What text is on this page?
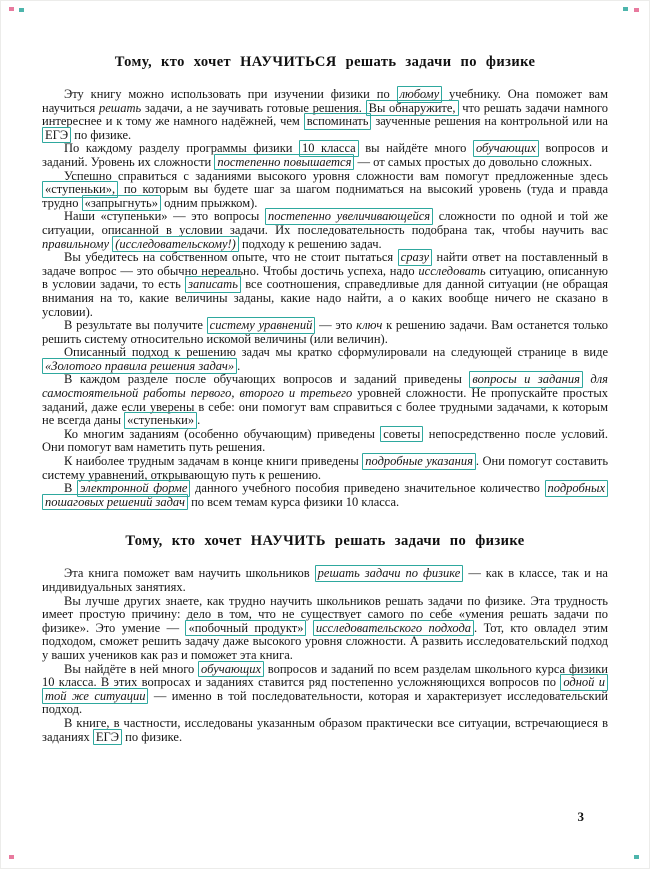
Тому, кто хочет НАУЧИТЬСЯ решать задачи по физике

Эту книгу можно использовать при изучении физики по любому учебнику. Она поможет вам научиться решать задачи, а не заучивать готовые решения. Вы обнаружите, что решать задачи намного интереснее и к тому же намного надёжней, чем вспоминать заученные решения на контрольной или на ЕГЭ по физике.

По каждому разделу программы физики 10 класса вы найдёте много обучающих вопросов и заданий. Уровень их сложности постепенно повышается — от самых простых до довольно сложных.

Успешно справиться с заданиями высокого уровня сложности вам помогут предложенные здесь «ступеньки», по которым вы будете шаг за шагом подниматься на высокий уровень (туда и правда трудно «запрыгнуть» одним прыжком).

Наши «ступеньки» — это вопросы постепенно увеличивающейся сложности по одной и той же ситуации, описанной в условии задачи. Их последовательность подобрана так, чтобы научить вас правильному (исследовательскому!) подходу к решению задач.

Вы убедитесь на собственном опыте, что не стоит пытаться сразу найти ответ на поставленный в задаче вопрос — это обычно нереально. Чтобы достичь успеха, надо исследовать ситуацию, описанную в условии задачи, то есть записать все соотношения, справедливые для данной ситуации (не обращая внимания на то, какие величины заданы, какие надо найти, а о каких вообще ничего не сказано в условии).

В результате вы получите систему уравнений — это ключ к решению задачи. Вам останется только решить систему относительно искомой величины (или величин).

Описанный подход к решению задач мы кратко сформулировали на следующей странице в виде «Золотого правила решения задач» .

В каждом разделе после обучающих вопросов и заданий приведены вопросы и задания для самостоятельной работы первого, второго и третьего уровней сложности. Не пропускайте простых заданий, даже если уверены в себе: они помогут вам справиться с более трудными задачами, к которым не всегда даны «ступеньки» .

Ко многим заданиям (особенно обучающим) приведены советы непосредственно после условий. Они помогут вам наметить путь решения.

К наиболее трудным задачам в конце книги приведены подробные указания . Они помогут составить систему уравнений, открывающую путь к решению.

В электронной форме данного учебного пособия приведено значительное количество подробных пошаговых решений задач по всем темам курса физики 10 класса.

Тому, кто хочет НАУЧИТЬ решать задачи по физике

Эта книга поможет вам научить школьников решать задачи по физике — как в классе, так и на индивидуальных занятиях.

Вы лучше других знаете, как трудно научить школьников решать задачи по физике. Эта трудность имеет простую причину: дело в том, что не существует самого по себе «умения решать задачи по физике». Это умение — «побочный продукт» исследовательского подхода . Тот, кто овладел этим подходом, сможет решить задачу даже высокого уровня сложности. А развить исследовательский подход у ваших учеников как раз и поможет эта книга.

Вы найдёте в ней много обучающих вопросов и заданий по всем разделам школьного курса физики 10 класса. В этих вопросах и заданиях ставится ряд постепенно усложняющихся вопросов по одной и той же ситуации — именно в той последовательности, которая и характеризует исследовательский подход.

В книге, в частности, исследованы указанным образом практически все ситуации, встречающиеся в заданиях ЕГЭ по физике.

3
